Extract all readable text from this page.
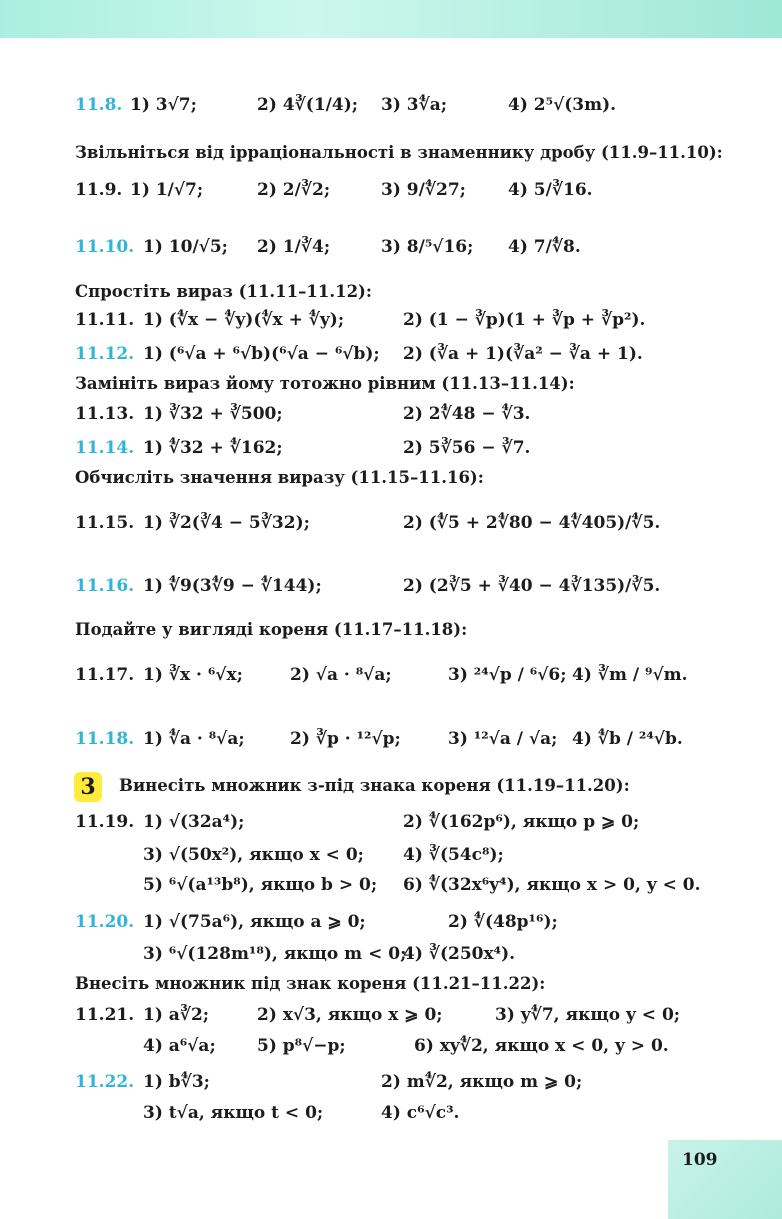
11.8. 1) 3√7;	2) 4∛(1/4); 3) 3∜a;	4) 2⁵√(3m).
Звільніться від ірраціональності в знаменнику дробу (11.9–11.10):
11.9. 1) 1/√7;	2) 2/∛2;	3) 9/∜27; 4) 5/∛16.
11.10. 1) 10/√5; 2) 1/∛4;	3) 8/⁵√16; 4) 7/∜8.
Спростіть вираз (11.11–11.12):
11.11. 1) (∜x − ∜y)(∜x + ∜y);	2) (1 − ∛p)(1 + ∛p + ∛p²).
11.12. 1) (⁶√a + ⁶√b)(⁶√a − ⁶√b); 2) (∛a + 1)(∛a² − ∛a + 1).
Замініть вираз йому тотожно рівним (11.13–11.14):
11.13. 1) ∛32 + ∛500;	2) 2∜48 − ∜3.
11.14. 1) ∜32 + ∜162;	2) 5∛56 − ∛7.
Обчисліть значення виразу (11.15–11.16):
11.15. 1) ∛2(∛4 − 5∛32);	2) (∜5 + 2∜80 − 4∜405)/∜5.
11.16. 1) ∜9(3∜9 − ∜144);	2) (2∛5 + ∛40 − 4∛135)/∛5.
Подайте у вигляді кореня (11.17–11.18):
11.17. 1) ∛x · ⁶√x;	2) √a · ⁸√a;	3) ²⁴√p / ⁶√6; 4) ∛m / ⁹√m.
11.18. 1) ∜a · ⁸√a;	2) ∛p · ¹²√p;	3) ¹²√a / √a; 4) ∜b / ²⁴√b.
3	Винесіть множник з-під знака кореня (11.19–11.20):
11.19. 1) √(32a⁴);	2) ∜(162p⁶), якщо p ⩾ 0;
3) √(50x²), якщо x < 0; 4) ∛(54c⁸);
5) ⁶√(a¹³b⁸), якщо b > 0; 6) ∜(32x⁶y⁴), якщо x > 0, y < 0.
11.20. 1) √(75a⁶), якщо a ⩾ 0;	2) ∜(48p¹⁶);
3) ⁶√(128m¹⁸), якщо m < 0;
4) ∛(250x⁴).
Внесіть множник під знак кореня (11.21–11.22):
11.21. 1) a∛2;	2) x√3, якщо x ⩾ 0;	3) y∜7, якщо y < 0;
4) a⁶√a; 5) p⁸√−p;	6) xy∜2, якщо x < 0, y > 0.
11.22. 1) b∜3;	2) m∜2, якщо m ⩾ 0;
3) t√a, якщо t < 0;	4) c⁶√c³.
109
